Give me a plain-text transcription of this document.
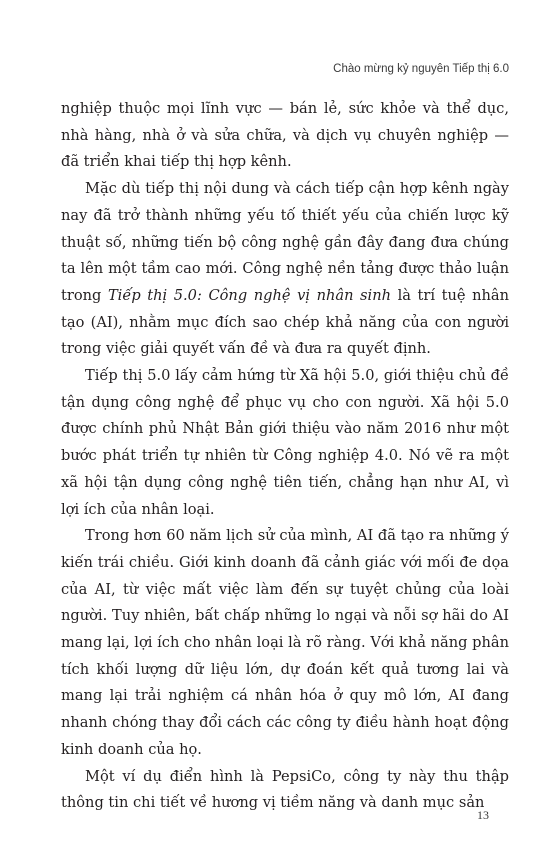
Chào mừng kỷ nguyên Tiếp thị 6.0

nghiệp thuộc mọi lĩnh vực — bán lẻ, sức khỏe và thể dục, nhà hàng, nhà ở và sửa chữa, và dịch vụ chuyên nghiệp — đã triển khai tiếp thị hợp kênh.

Mặc dù tiếp thị nội dung và cách tiếp cận hợp kênh ngày nay đã trở thành những yếu tố thiết yếu của chiến lược kỹ thuật số, những tiến bộ công nghệ gần đây đang đưa chúng ta lên một tầm cao mới. Công nghệ nền tảng được thảo luận trong Tiếp thị 5.0: Công nghệ vị nhân sinh là trí tuệ nhân tạo (AI), nhằm mục đích sao chép khả năng của con người trong việc giải quyết vấn đề và đưa ra quyết định.

Tiếp thị 5.0 lấy cảm hứng từ Xã hội 5.0, giới thiệu chủ đề tận dụng công nghệ để phục vụ cho con người. Xã hội 5.0 được chính phủ Nhật Bản giới thiệu vào năm 2016 như một bước phát triển tự nhiên từ Công nghiệp 4.0. Nó vẽ ra một xã hội tận dụng công nghệ tiên tiến, chẳng hạn như AI, vì lợi ích của nhân loại.

Trong hơn 60 năm lịch sử của mình, AI đã tạo ra những ý kiến trái chiều. Giới kinh doanh đã cảnh giác với mối đe dọa của AI, từ việc mất việc làm đến sự tuyệt chủng của loài người. Tuy nhiên, bất chấp những lo ngại và nỗi sợ hãi do AI mang lại, lợi ích cho nhân loại là rõ ràng. Với khả năng phân tích khối lượng dữ liệu lớn, dự đoán kết quả tương lai và mang lại trải nghiệm cá nhân hóa ở quy mô lớn, AI đang nhanh chóng thay đổi cách các công ty điều hành hoạt động kinh doanh của họ.

Một ví dụ điển hình là PepsiCo, công ty này thu thập thông tin chi tiết về hương vị tiềm năng và danh mục sản

13
